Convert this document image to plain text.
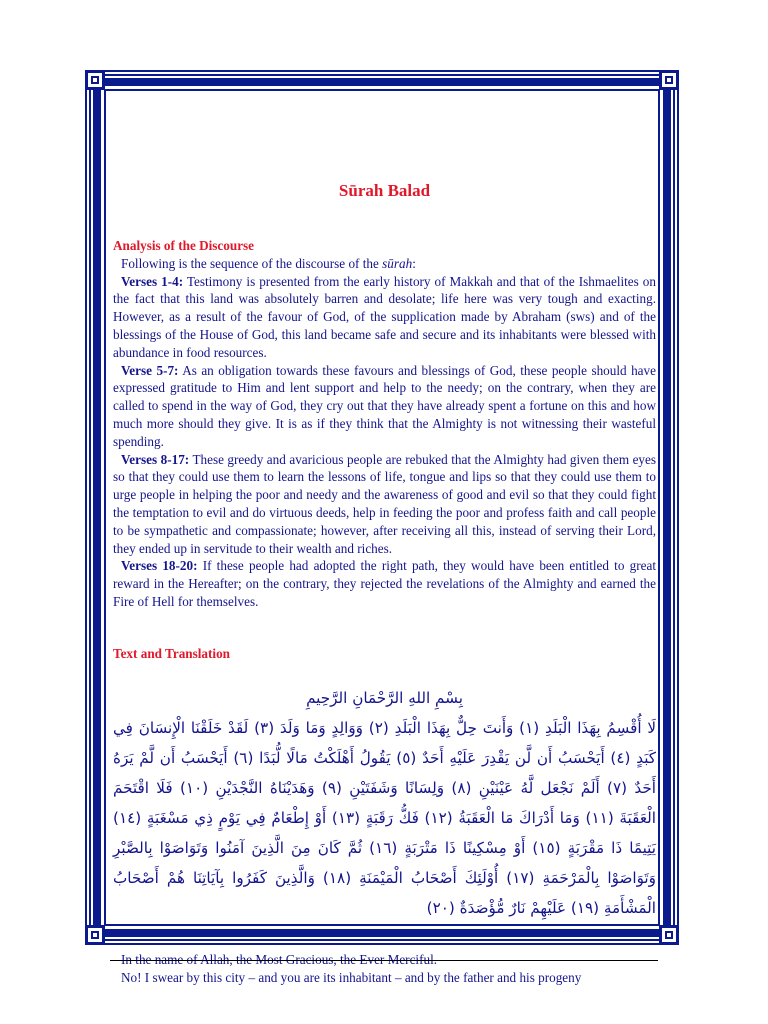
Sūrah Balad

Analysis of the Discourse

Following is the sequence of the discourse of the sūrah:

Verses 1-4: Testimony is presented from the early history of Makkah and that of the Ishmaelites on the fact that this land was absolutely barren and desolate; life here was very tough and exacting. However, as a result of the favour of God, of the supplication made by Abraham (sws) and of the blessings of the House of God, this land became safe and secure and its inhabitants were blessed with abundance in food resources.

Verse 5-7: As an obligation towards these favours and blessings of God, these people should have expressed gratitude to Him and lent support and help to the needy; on the contrary, when they are called to spend in the way of God, they cry out that they have already spent a fortune on this and how much more should they give. It is as if they think that the Almighty is not witnessing their wasteful spending.

Verses 8-17: These greedy and avaricious people are rebuked that the Almighty had given them eyes so that they could use them to learn the lessons of life, tongue and lips so that they could use them to urge people in helping the poor and needy and the awareness of good and evil so that they could fight the temptation to evil and do virtuous deeds, help in feeding the poor and profess faith and call people to be sympathetic and compassionate; however, after receiving all this, instead of serving their Lord, they ended up in servitude to their wealth and riches.

Verses 18-20: If these people had adopted the right path, they would have been entitled to great reward in the Hereafter; on the contrary, they rejected the revelations of the Almighty and earned the Fire of Hell for themselves.

Text and Translation

بِسْمِ اللهِ الرَّحْمَانِ الرَّحِيمِ
لَا أُقْسِمُ بِهَذَا الْبَلَدِ (١) وَأَنتَ حِلٌّ بِهَذَا الْبَلَدِ (٢) وَوَالِدٍ وَمَا وَلَدَ (٣) لَقَدْ خَلَقْنَا الْإِنسَانَ فِي كَبَدٍ (٤) أَيَحْسَبُ أَن لَّن يَقْدِرَ عَلَيْهِ أَحَدٌ (٥) يَقُولُ أَهْلَكْتُ مَالًا لُّبَدًا (٦) أَيَحْسَبُ أَن لَّمْ يَرَهُ أَحَدٌ (٧) أَلَمْ نَجْعَل لَّهُ عَيْنَيْنِ (٨) وَلِسَانًا وَشَفَتَيْنِ (٩) وَهَدَيْنَاهُ النَّجْدَيْنِ (١٠) فَلَا اقْتَحَمَ الْعَقَبَةَ (١١) وَمَا أَدْرَاكَ مَا الْعَقَبَةُ (١٢) فَكُّ رَقَبَةٍ (١٣) أَوْ إِطْعَامٌ فِي يَوْمٍ ذِي مَسْغَبَةٍ (١٤) يَتِيمًا ذَا مَقْرَبَةٍ (١٥) أَوْ مِسْكِينًا ذَا مَتْرَبَةٍ (١٦) ثُمَّ كَانَ مِنَ الَّذِينَ آمَنُوا وَتَوَاصَوْا بِالصَّبْرِ وَتَوَاصَوْا بِالْمَرْحَمَةِ (١٧) أُوْلَئِكَ أَصْحَابُ الْمَيْمَنَةِ (١٨) وَالَّذِينَ كَفَرُوا بِآيَاتِنَا هُمْ أَصْحَابُ الْمَشْأَمَةِ (١٩) عَلَيْهِمْ نَارٌ مُّؤْصَدَةٌ (٢٠)

In the name of Allah, the Most Gracious, the Ever Merciful.

No! I swear by this city – and you are its inhabitant – and by the father and his progeny
